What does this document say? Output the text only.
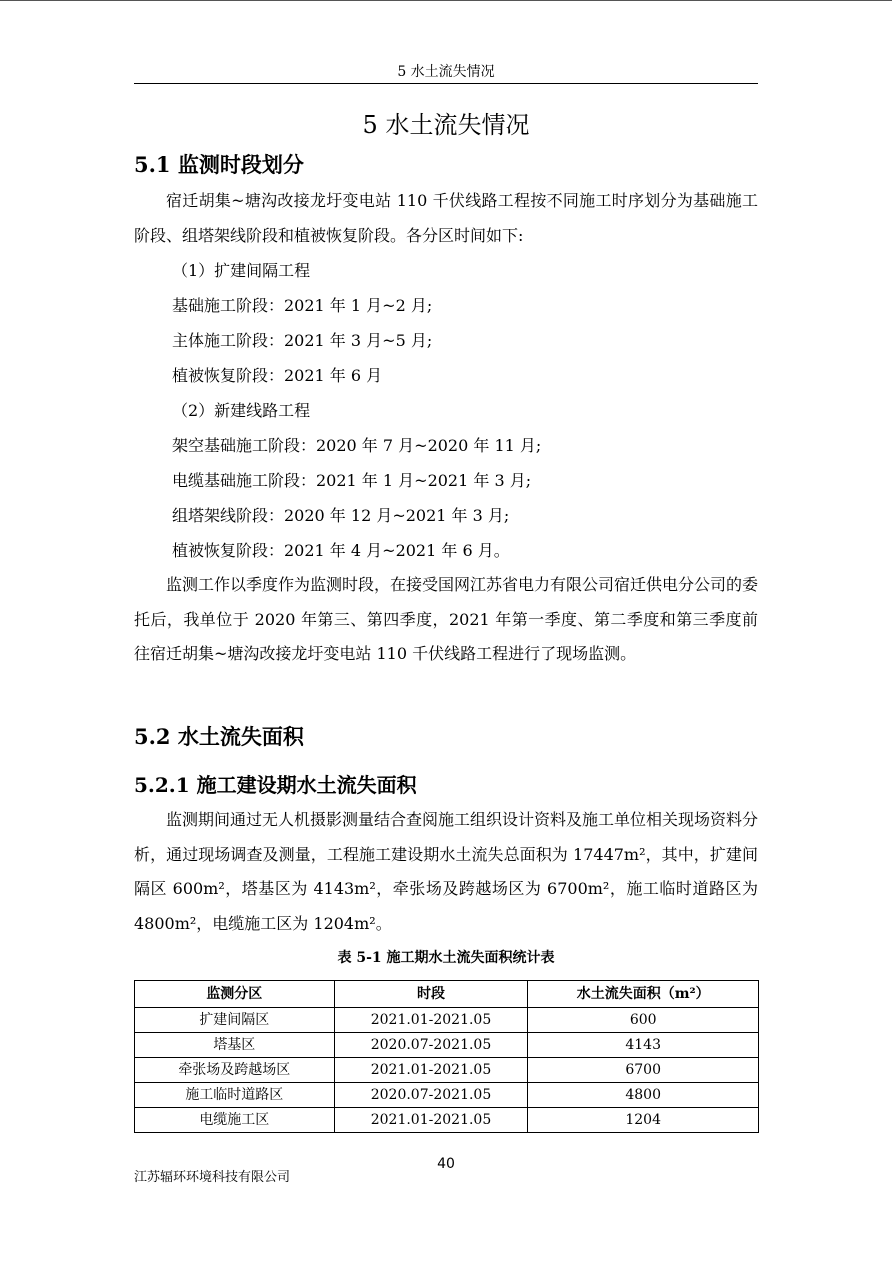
5 水土流失情况
5 水土流失情况
5.1 监测时段划分

宿迁胡集~塘沟改接龙圩变电站 110 千伏线路工程按不同施工时序划分为基础施工阶段、组塔架线阶段和植被恢复阶段。各分区时间如下:

（1）扩建间隔工程
基础施工阶段：2021 年 1 月~2 月;
主体施工阶段：2021 年 3 月~5 月;
植被恢复阶段：2021 年 6 月
（2）新建线路工程
架空基础施工阶段：2020 年 7 月~2020 年 11 月;
电缆基础施工阶段：2021 年 1 月~2021 年 3 月;
组塔架线阶段：2020 年 12 月~2021 年 3 月;
植被恢复阶段：2021 年 4 月~2021 年 6 月。

监测工作以季度作为监测时段，在接受国网江苏省电力有限公司宿迁供电分公司的委托后，我单位于 2020 年第三、第四季度，2021 年第一季度、第二季度和第三季度前往宿迁胡集~塘沟改接龙圩变电站 110 千伏线路工程进行了现场监测。

5.2 水土流失面积
5.2.1 施工建设期水土流失面积

监测期间通过无人机摄影测量结合查阅施工组织设计资料及施工单位相关现场资料分析，通过现场调查及测量，工程施工建设期水土流失总面积为 17447m²，其中，扩建间隔区 600m²，塔基区为 4143m²，牵张场及跨越场区为 6700m²，施工临时道路区为 4800m²，电缆施工区为 1204m²。

表 5-1 施工期水土流失面积统计表
监测分区	时段	水土流失面积（m²）
扩建间隔区	2021.01-2021.05	600
塔基区	2020.07-2021.05	4143
牵张场及跨越场区	2021.01-2021.05	6700
施工临时道路区	2020.07-2021.05	4800
电缆施工区	2021.01-2021.05	1204
40
江苏辐环环境科技有限公司
